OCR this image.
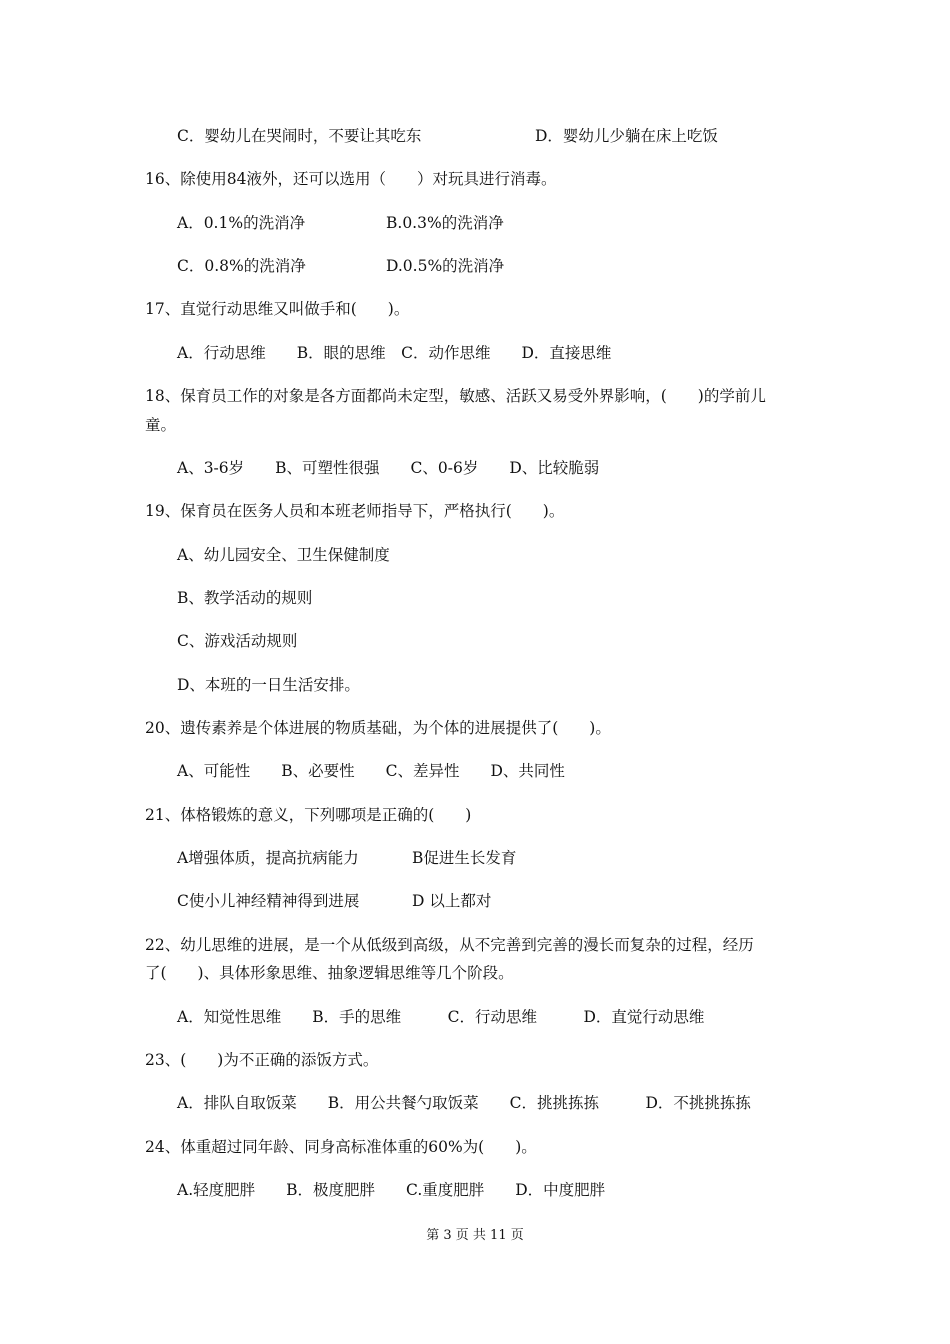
C．婴幼儿在哭闹时，不要让其吃东	D．婴幼儿少躺在床上吃饭
16、除使用84液外，还可以选用（　　）对玩具进行消毒。
A．0.1%的洗消净	B.0.3%的洗消净
C．0.8%的洗消净	D.0.5%的洗消净
17、直觉行动思维又叫做手和(　　)。
A．行动思维　　B．眼的思维　C．动作思维　　D．直接思维
18、保育员工作的对象是各方面都尚未定型，敏感、活跃又易受外界影响，(　　)的学前儿
童。
A、3-6岁　　B、可塑性很强　　C、0-6岁　　D、比较脆弱
19、保育员在医务人员和本班老师指导下，严格执行(　　)。
A、幼儿园安全、卫生保健制度
B、教学活动的规则
C、游戏活动规则
D、本班的一日生活安排。
20、遗传素养是个体进展的物质基础，为个体的进展提供了(　　)。
A、可能性　　B、必要性　　C、差异性　　D、共同性
21、体格锻炼的意义，下列哪项是正确的(　　)
A增强体质，提高抗病能力	B促进生长发育
C使小儿神经精神得到进展	D 以上都对
22、幼儿思维的进展，是一个从低级到高级，从不完善到完善的漫长而复杂的过程，经历
了(　　)、具体形象思维、抽象逻辑思维等几个阶段。
A．知觉性思维　　B．手的思维　　　C．行动思维　　　D．直觉行动思维
23、(　　)为不正确的添饭方式。
A．排队自取饭菜　　B．用公共餐勺取饭菜　　C．挑挑拣拣　　　D．不挑挑拣拣
24、体重超过同年龄、同身高标准体重的60%为(　　)。
A.轻度肥胖　　B．极度肥胖　　C.重度肥胖　　D．中度肥胖
第 3 页 共 11 页
